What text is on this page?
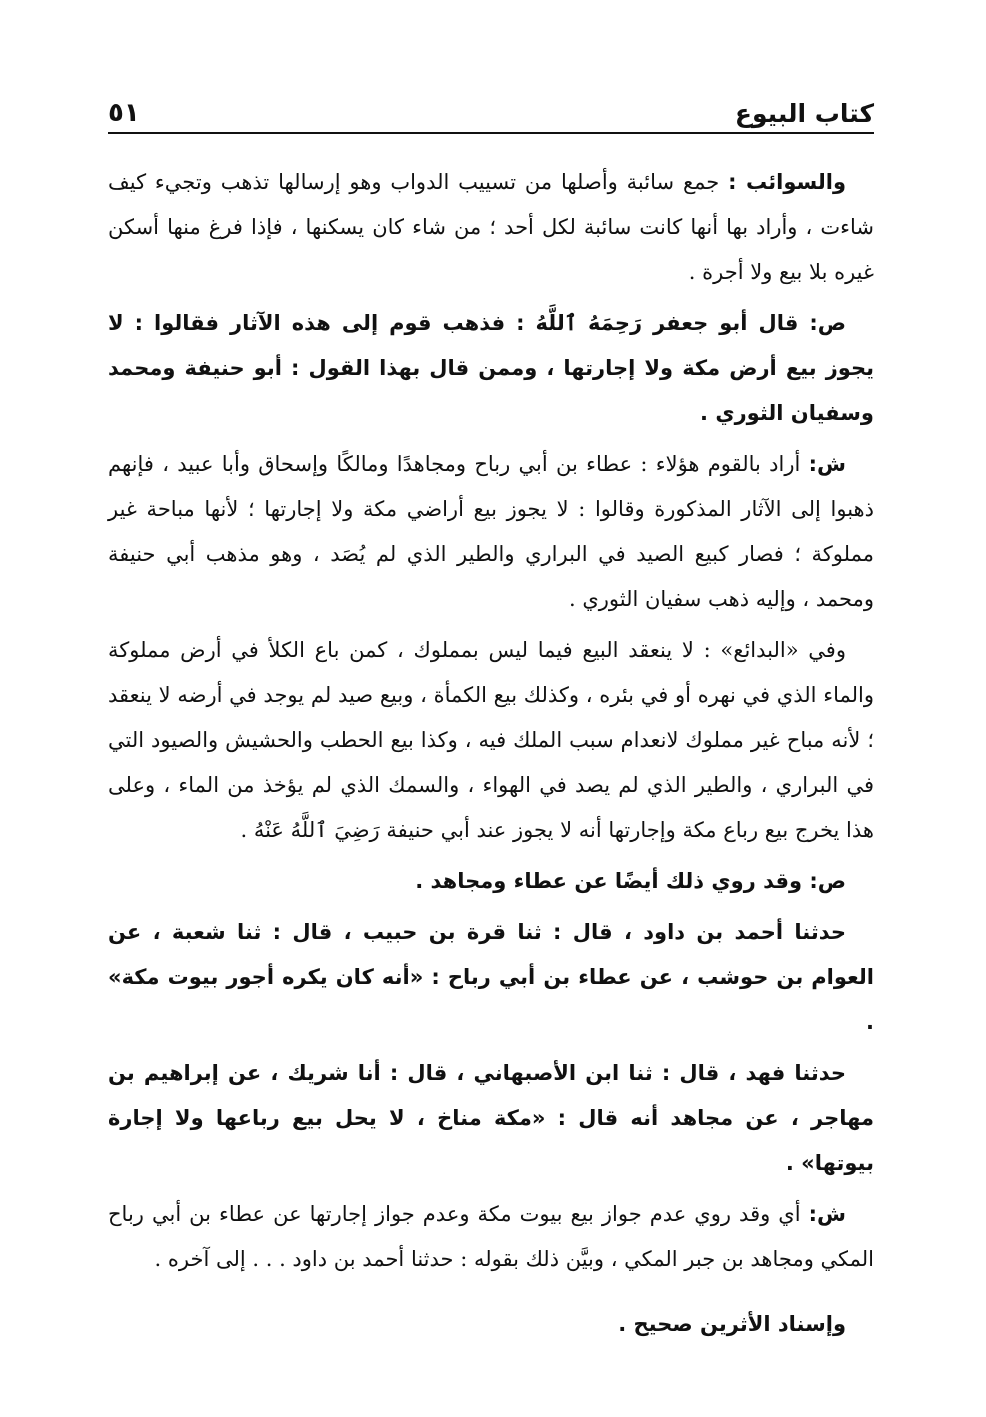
كتاب البيوع
٥١

والسوائب : جمع سائبة وأصلها من تسييب الدواب وهو إرسالها تذهب وتجيء كيف شاءت ، وأراد بها أنها كانت سائبة لكل أحد ؛ من شاء كان يسكنها ، فإذا فرغ منها أسكن غيره بلا بيع ولا أجرة .

ص: قال أبو جعفر رَحِمَهُ ٱللَّهُ : فذهب قوم إلى هذه الآثار فقالوا : لا يجوز بيع أرض مكة ولا إجارتها ، وممن قال بهذا القول : أبو حنيفة ومحمد وسفيان الثوري .

ش: أراد بالقوم هؤلاء : عطاء بن أبي رباح ومجاهدًا ومالكًا وإسحاق وأبا عبيد ، فإنهم ذهبوا إلى الآثار المذكورة وقالوا : لا يجوز بيع أراضي مكة ولا إجارتها ؛ لأنها مباحة غير مملوكة ؛ فصار كبيع الصيد في البراري والطير الذي لم يُصَد ، وهو مذهب أبي حنيفة ومحمد ، وإليه ذهب سفيان الثوري .

وفي «البدائع» : لا ينعقد البيع فيما ليس بمملوك ، كمن باع الكلأ في أرض مملوكة والماء الذي في نهره أو في بئره ، وكذلك بيع الكمأة ، وبيع صيد لم يوجد في أرضه لا ينعقد ؛ لأنه مباح غير مملوك لانعدام سبب الملك فيه ، وكذا بيع الحطب والحشيش والصيود التي في البراري ، والطير الذي لم يصد في الهواء ، والسمك الذي لم يؤخذ من الماء ، وعلى هذا يخرج بيع رباع مكة وإجارتها أنه لا يجوز عند أبي حنيفة رَضِيَ ٱللَّهُ عَنْهُ .

ص: وقد روي ذلك أيضًا عن عطاء ومجاهد .

حدثنا أحمد بن داود ، قال : ثنا قرة بن حبيب ، قال : ثنا شعبة ، عن العوام بن حوشب ، عن عطاء بن أبي رباح : «أنه كان يكره أجور بيوت مكة» .

حدثنا فهد ، قال : ثنا ابن الأصبهاني ، قال : أنا شريك ، عن إبراهيم بن مهاجر ، عن مجاهد أنه قال : «مكة مناخ ، لا يحل بيع رباعها ولا إجارة بيوتها» .

ش: أي وقد روي عدم جواز بيع بيوت مكة وعدم جواز إجارتها عن عطاء بن أبي رباح المكي ومجاهد بن جبر المكي ، وبيَّن ذلك بقوله : حدثنا أحمد بن داود . . . إلى آخره .

وإسناد الأثرين صحيح .
